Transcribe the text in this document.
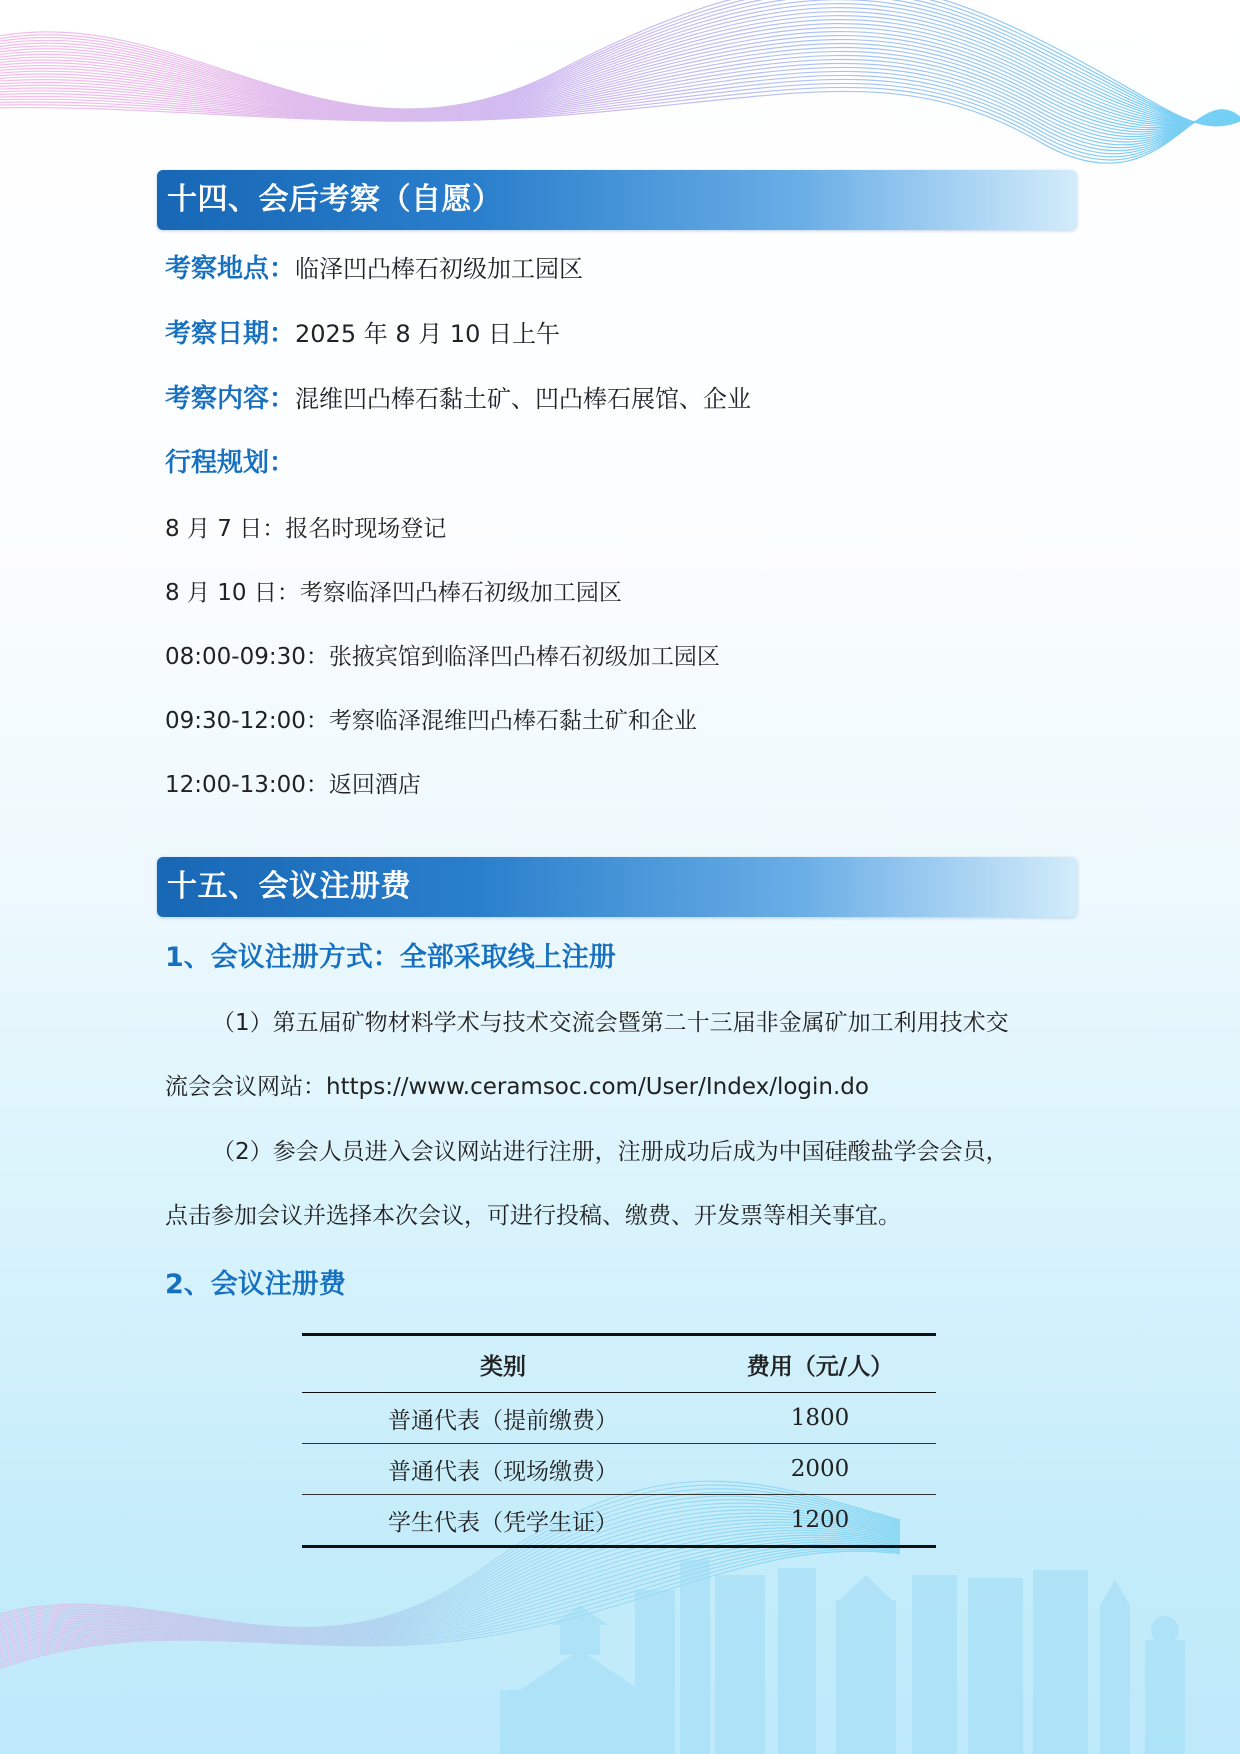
十四、会后考察（自愿）
考察地点：临泽凹凸棒石初级加工园区
考察日期：2025 年 8 月 10 日上午
考察内容：混维凹凸棒石黏土矿、凹凸棒石展馆、企业
行程规划：
8 月 7 日：报名时现场登记
8 月 10 日：考察临泽凹凸棒石初级加工园区
08:00-09:30：张掖宾馆到临泽凹凸棒石初级加工园区
09:30-12:00：考察临泽混维凹凸棒石黏土矿和企业
12:00-13:00：返回酒店
十五、会议注册费
1、会议注册方式：全部采取线上注册
（1）第五届矿物材料学术与技术交流会暨第二十三届非金属矿加工利用技术交
流会会议网站：https://www.ceramsoc.com/User/Index/login.do
（2）参会人员进入会议网站进行注册，注册成功后成为中国硅酸盐学会会员，
点击参加会议并选择本次会议，可进行投稿、缴费、开发票等相关事宜。
2、会议注册费
类别	费用（元/人）
普通代表（提前缴费）	1800
普通代表（现场缴费）	2000
学生代表（凭学生证）	1200
